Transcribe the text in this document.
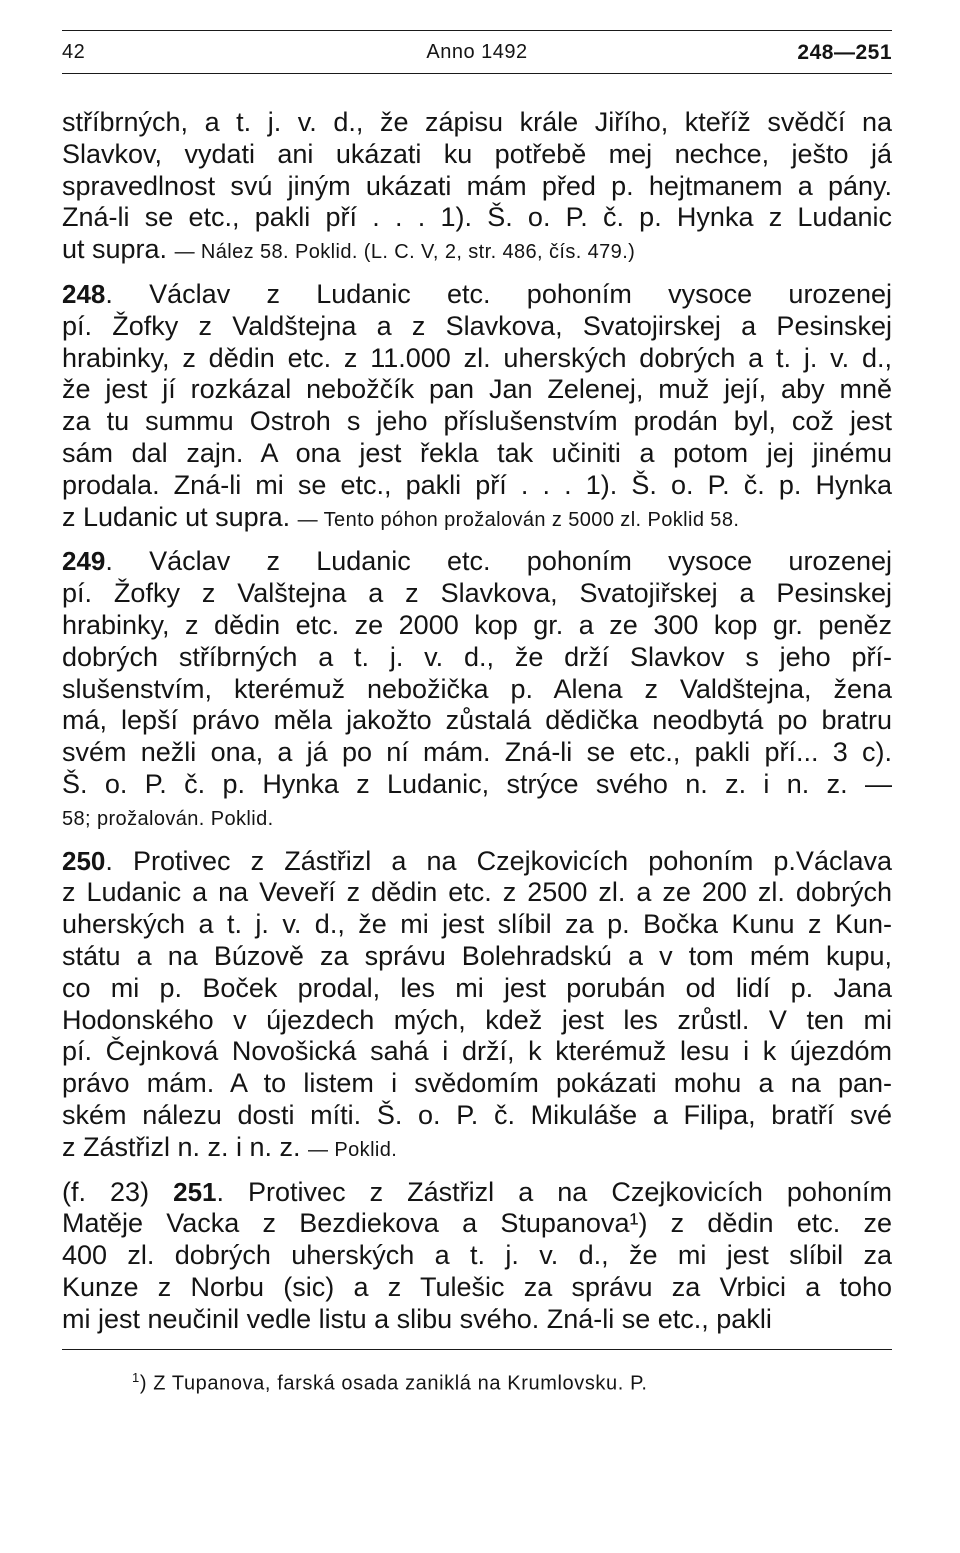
42	Anno 1492	248—251
stříbrných, a t. j. v. d., že zápisu krále Jiřího, kteříž svědčí na
Slavkov, vydati ani ukázati ku potřebě mej nechce, ješto já
spravedlnost svú jiným ukázati mám před p. hejtmanem a pány.
Zná-li se etc., pakli pří . . . 1). Š. o. P. č. p. Hynka z Ludanic
ut supra. — Nález 58. Poklid. (L. C. V, 2, str. 486, čís. 479.)
248. Václav z Ludanic etc. pohoním vysoce urozenej
pí. Žofky z Valdštejna a z Slavkova, Svatojirskej a Pesinskej
hrabinky, z dědin etc. z 11.000 zl. uherských dobrých a t. j. v. d.,
že jest jí rozkázal nebožčík pan Jan Zelenej, muž její, aby mně
za tu summu Ostroh s jeho příslušenstvím prodán byl, což jest
sám dal zajn. A ona jest řekla tak učiniti a potom jej jinému
prodala. Zná-li mi se etc., pakli pří . . . 1). Š. o. P. č. p. Hynka
z Ludanic ut supra. — Tento póhon prožalován z 5000 zl. Poklid 58.
249. Václav z Ludanic etc. pohoním vysoce urozenej
pí. Žofky z Valštejna a z Slavkova, Svatojiřskej a Pesinskej
hrabinky, z dědin etc. ze 2000 kop gr. a ze 300 kop gr. peněz
dobrých stříbrných a t. j. v. d., že drží Slavkov s jeho pří-
slušenstvím, kterémuž nebožička p. Alena z Valdštejna, žena
má, lepší právo měla jakožto zůstalá dědička neodbytá po bratru
svém nežli ona, a já po ní mám. Zná-li se etc., pakli pří... 3 c).
Š. o. P. č. p. Hynka z Ludanic, strýce svého n. z. i n. z. —
58; prožalován. Poklid.
250. Protivec z Zástřizl a na Czejkovicích pohoním p.Václava
z Ludanic a na Veveří z dědin etc. z 2500 zl. a ze 200 zl. dobrých
uherských a t. j. v. d., že mi jest slíbil za p. Bočka Kunu z Kun-
státu a na Búzově za správu Bolehradskú a v tom mém kupu,
co mi p. Boček prodal, les mi jest porubán od lidí p. Jana
Hodonského v újezdech mých, kdež jest les zrůstl. V ten mi
pí. Čejnková Novošická sahá i drží, k kterémuž lesu i k újezdóm
právo mám. A to listem i svědomím pokázati mohu a na pan-
ském nálezu dosti míti. Š. o. P. č. Mikuláše a Filipa, bratří své
z Zástřizl n. z. i n. z. — Poklid.
(f. 23) 251. Protivec z Zástřizl a na Czejkovicích pohoním
Matěje Vacka z Bezdiekova a Stupanova¹) z dědin etc. ze
400 zl. dobrých uherských a t. j. v. d., že mi jest slíbil za
Kunze z Norbu (sic) a z Tulešic za správu za Vrbici a toho
mi jest neučinil vedle listu a slibu svého. Zná-li se etc., pakli
$^1$) Z Tupanova, farská osada zaniklá na Krumlovsku. P.
